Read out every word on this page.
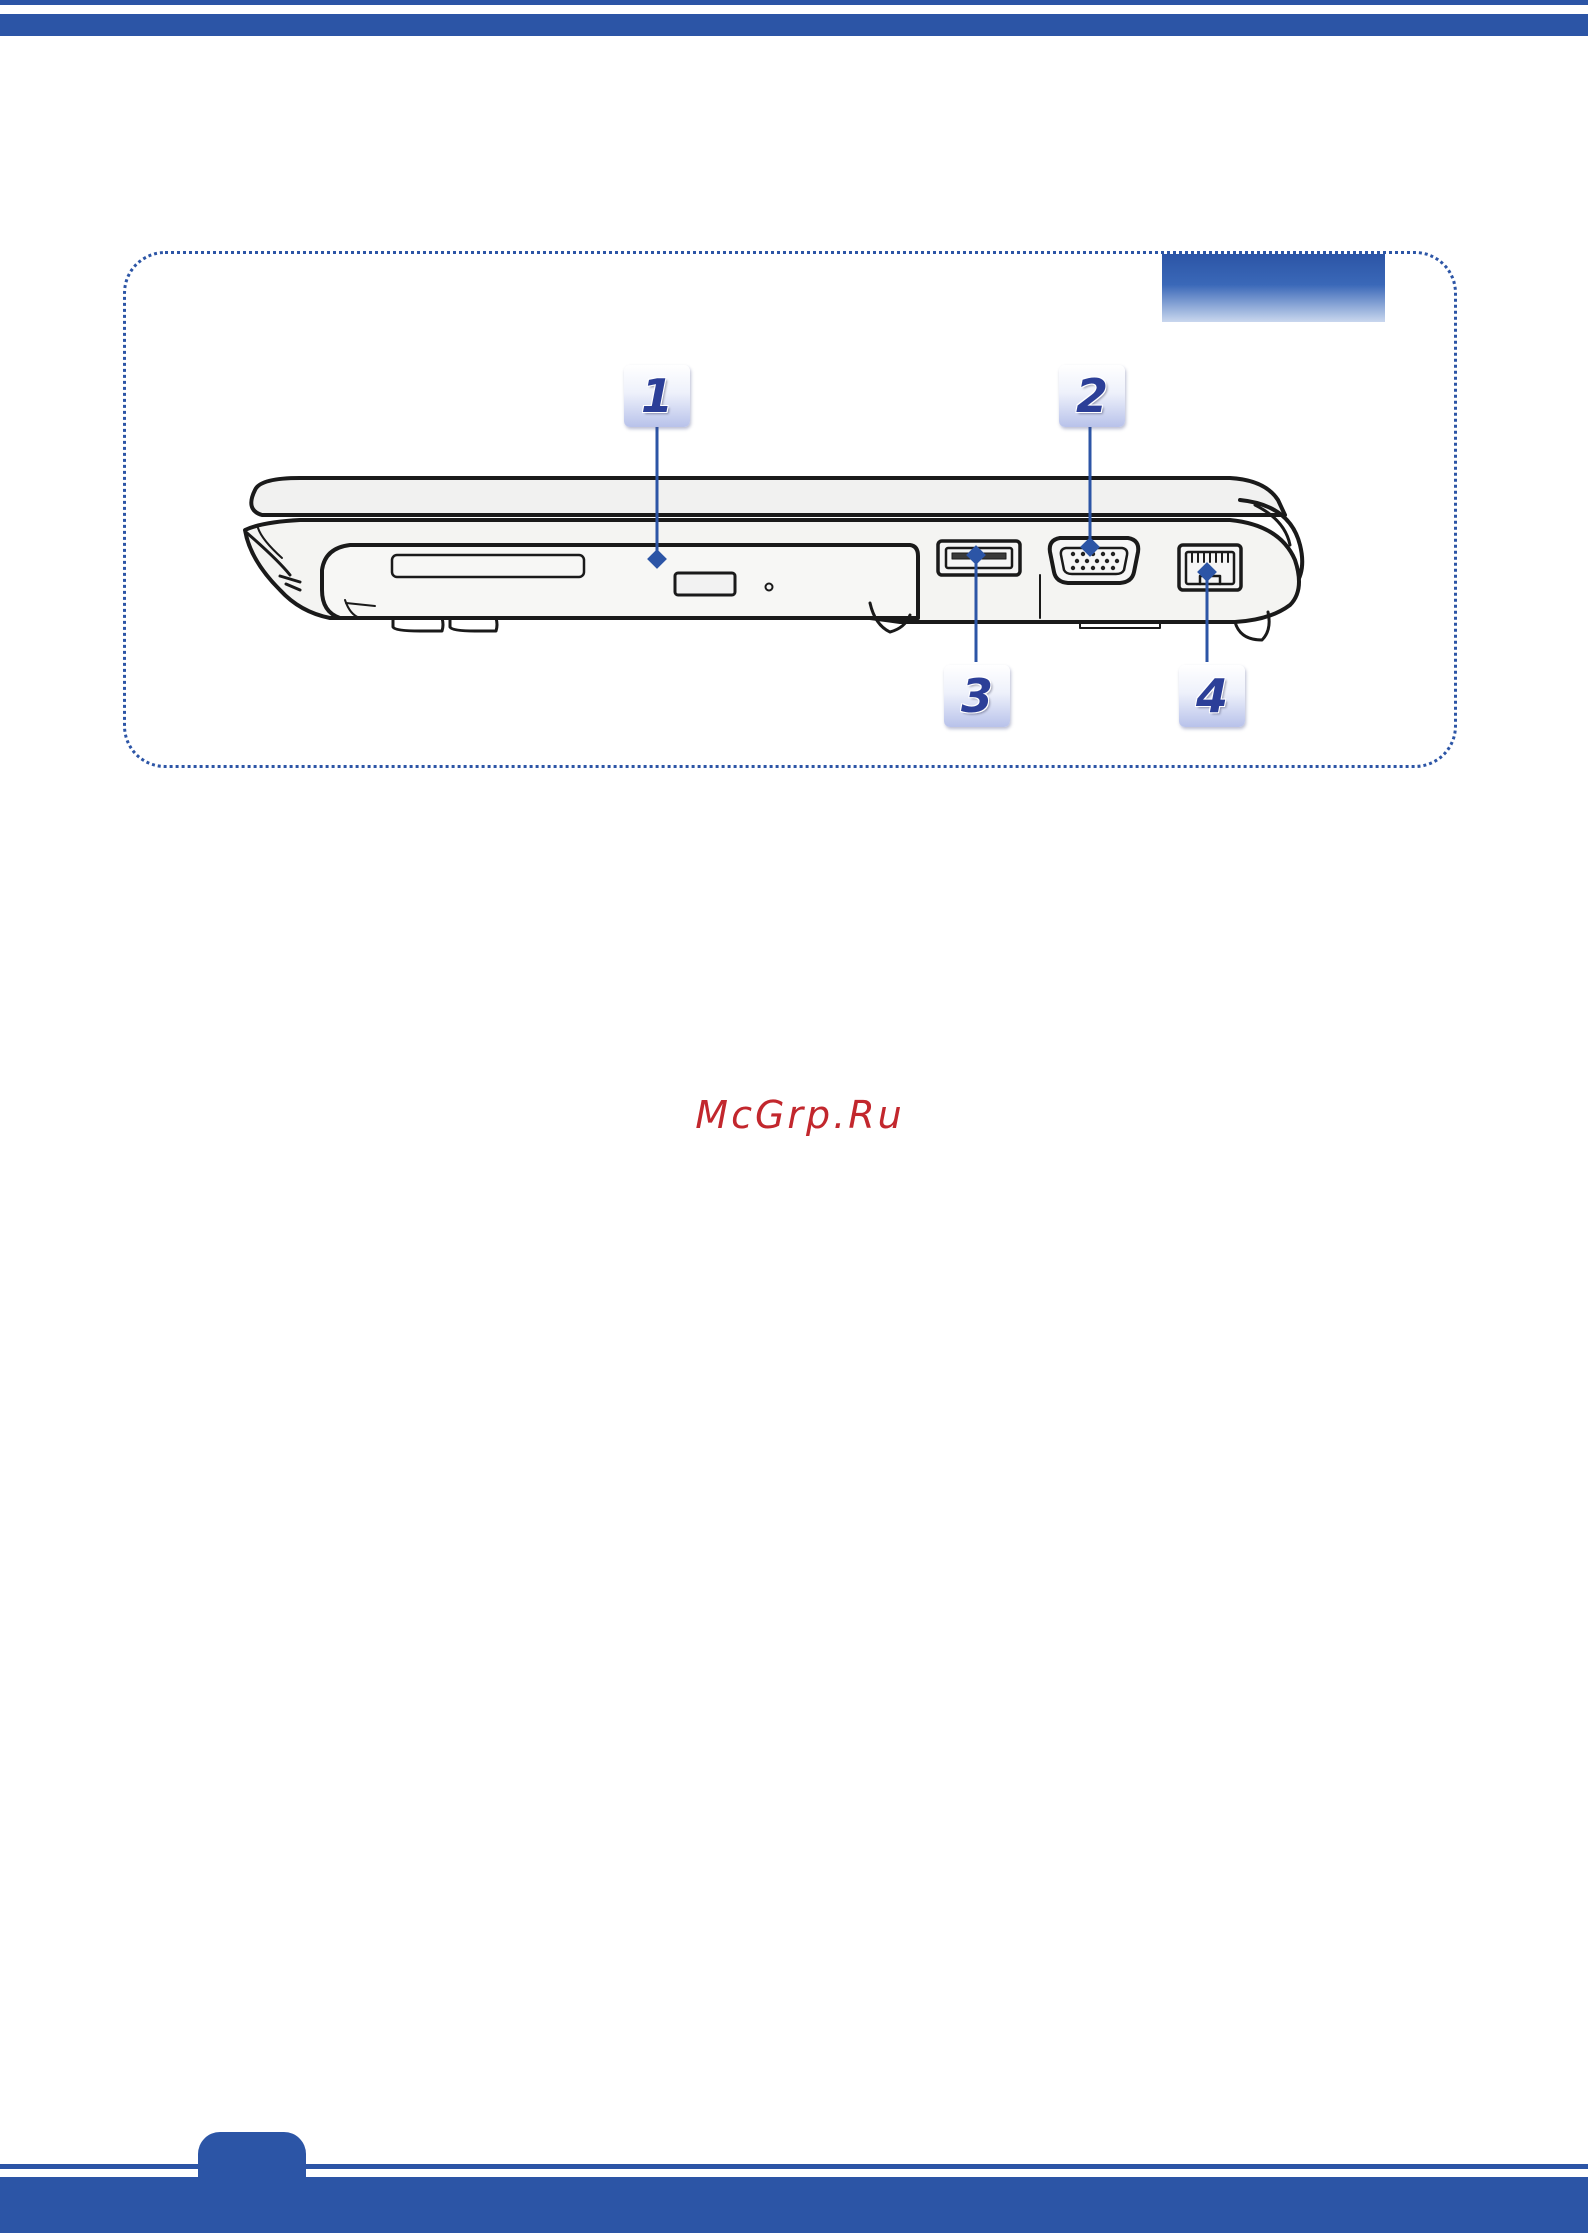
1	2
3	4
McGrp.Ru
